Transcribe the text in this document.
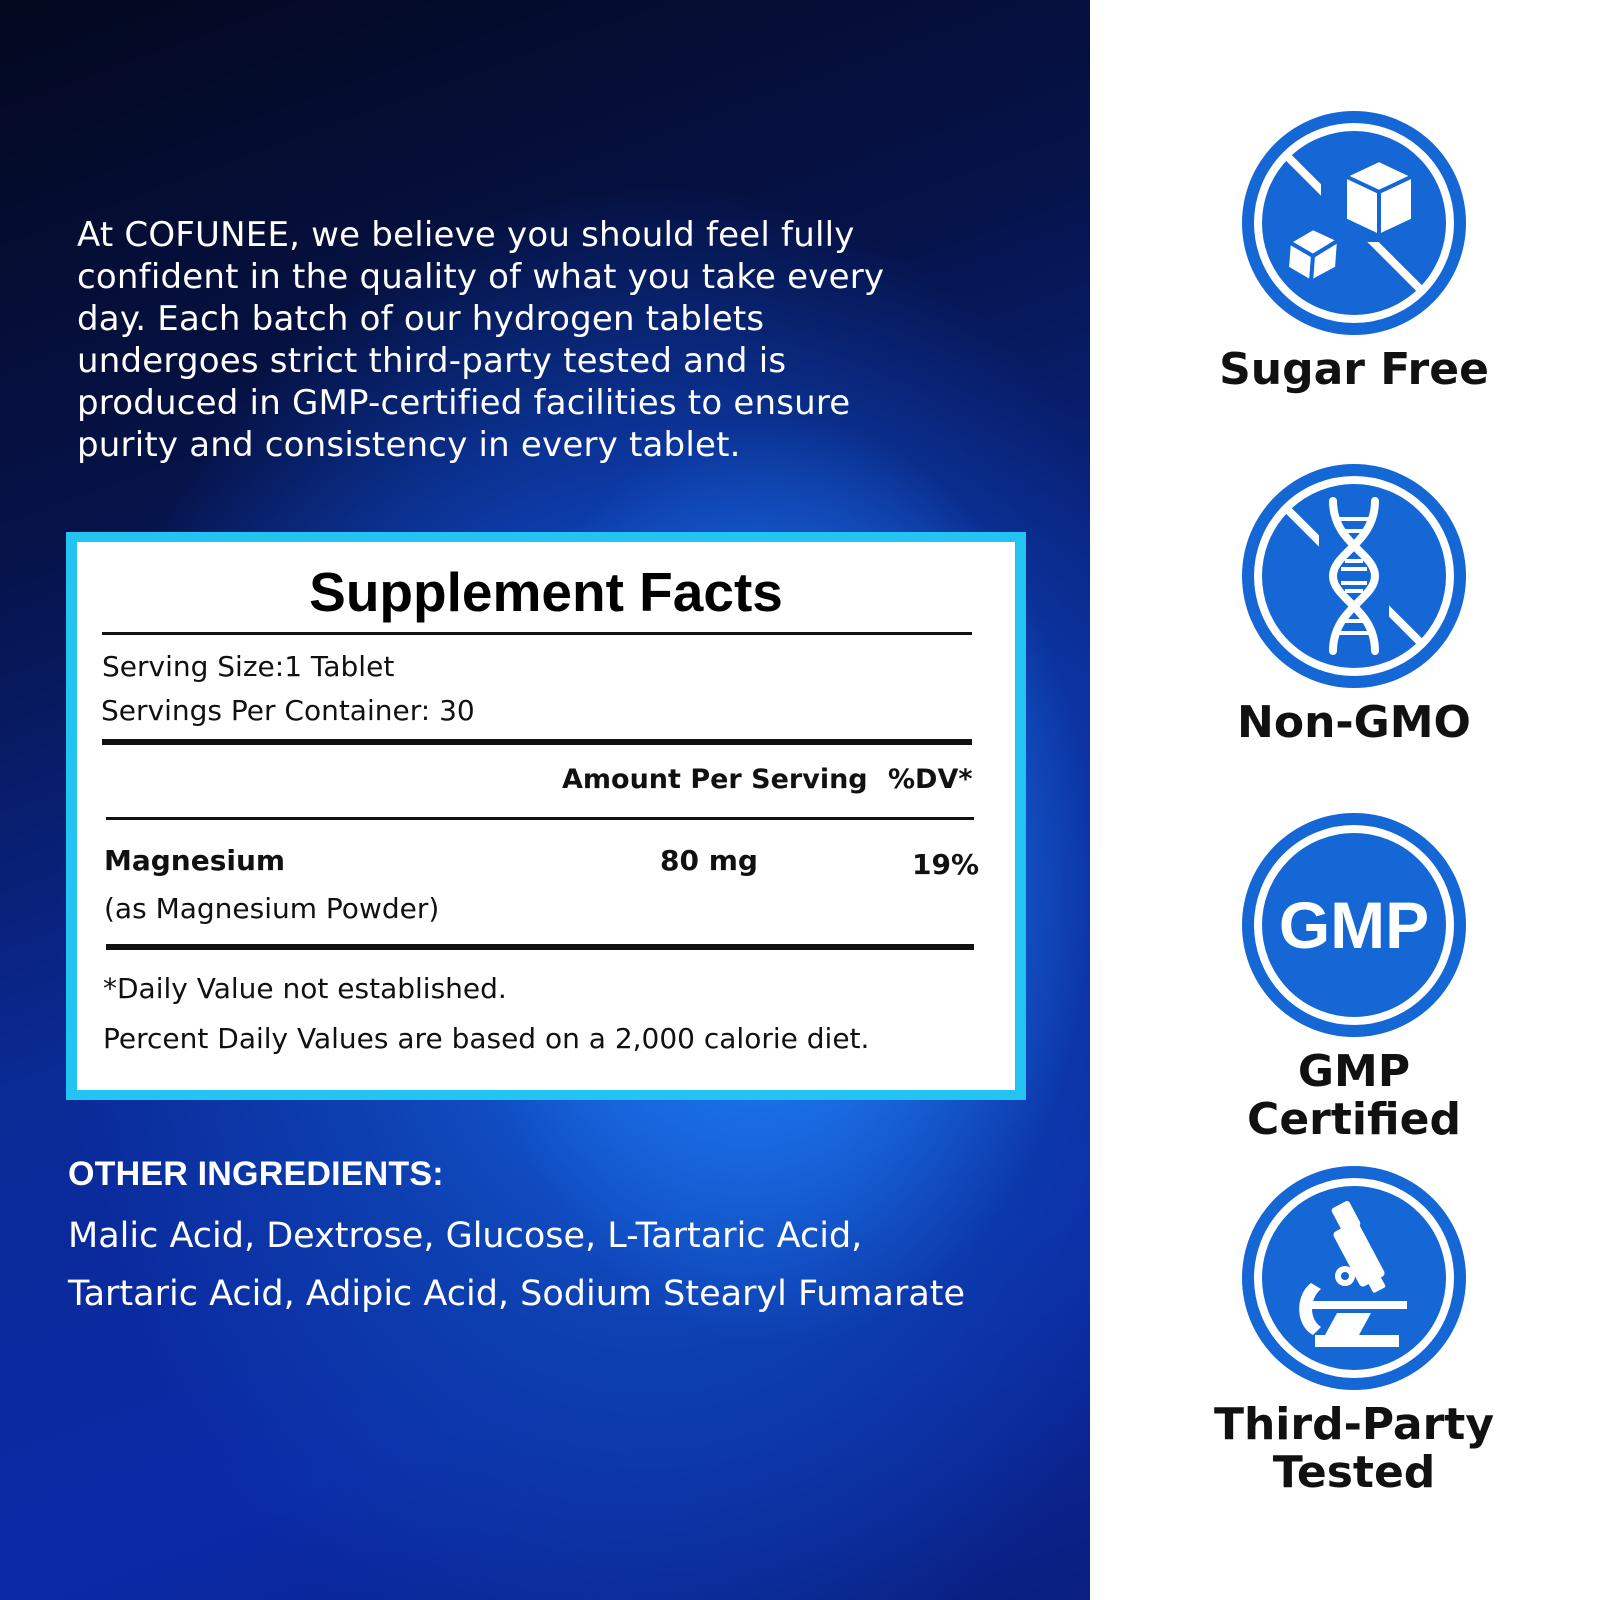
At COFUNEE, we believe you should feel fully confident in the quality of what you take every day. Each batch of our hydrogen tablets undergoes strict third-party tested and is produced in GMP-certified facilities to ensure purity and consistency in every tablet.

Supplement Facts
Serving Size:1 Tablet
Servings Per Container: 30
Amount Per Serving %DV*
Magnesium	80 mg	19%
(as Magnesium Powder)
*Daily Value not established.
Percent Daily Values are based on a 2,000 calorie diet.
OTHER INGREDIENTS:

Malic Acid, Dextrose, Glucose, L-Tartaric Acid,
Tartaric Acid, Adipic Acid, Sodium Stearyl Fumarate

Sugar Free
Non-GMO
GMP
GMP Certified
Third-Party
Tested
